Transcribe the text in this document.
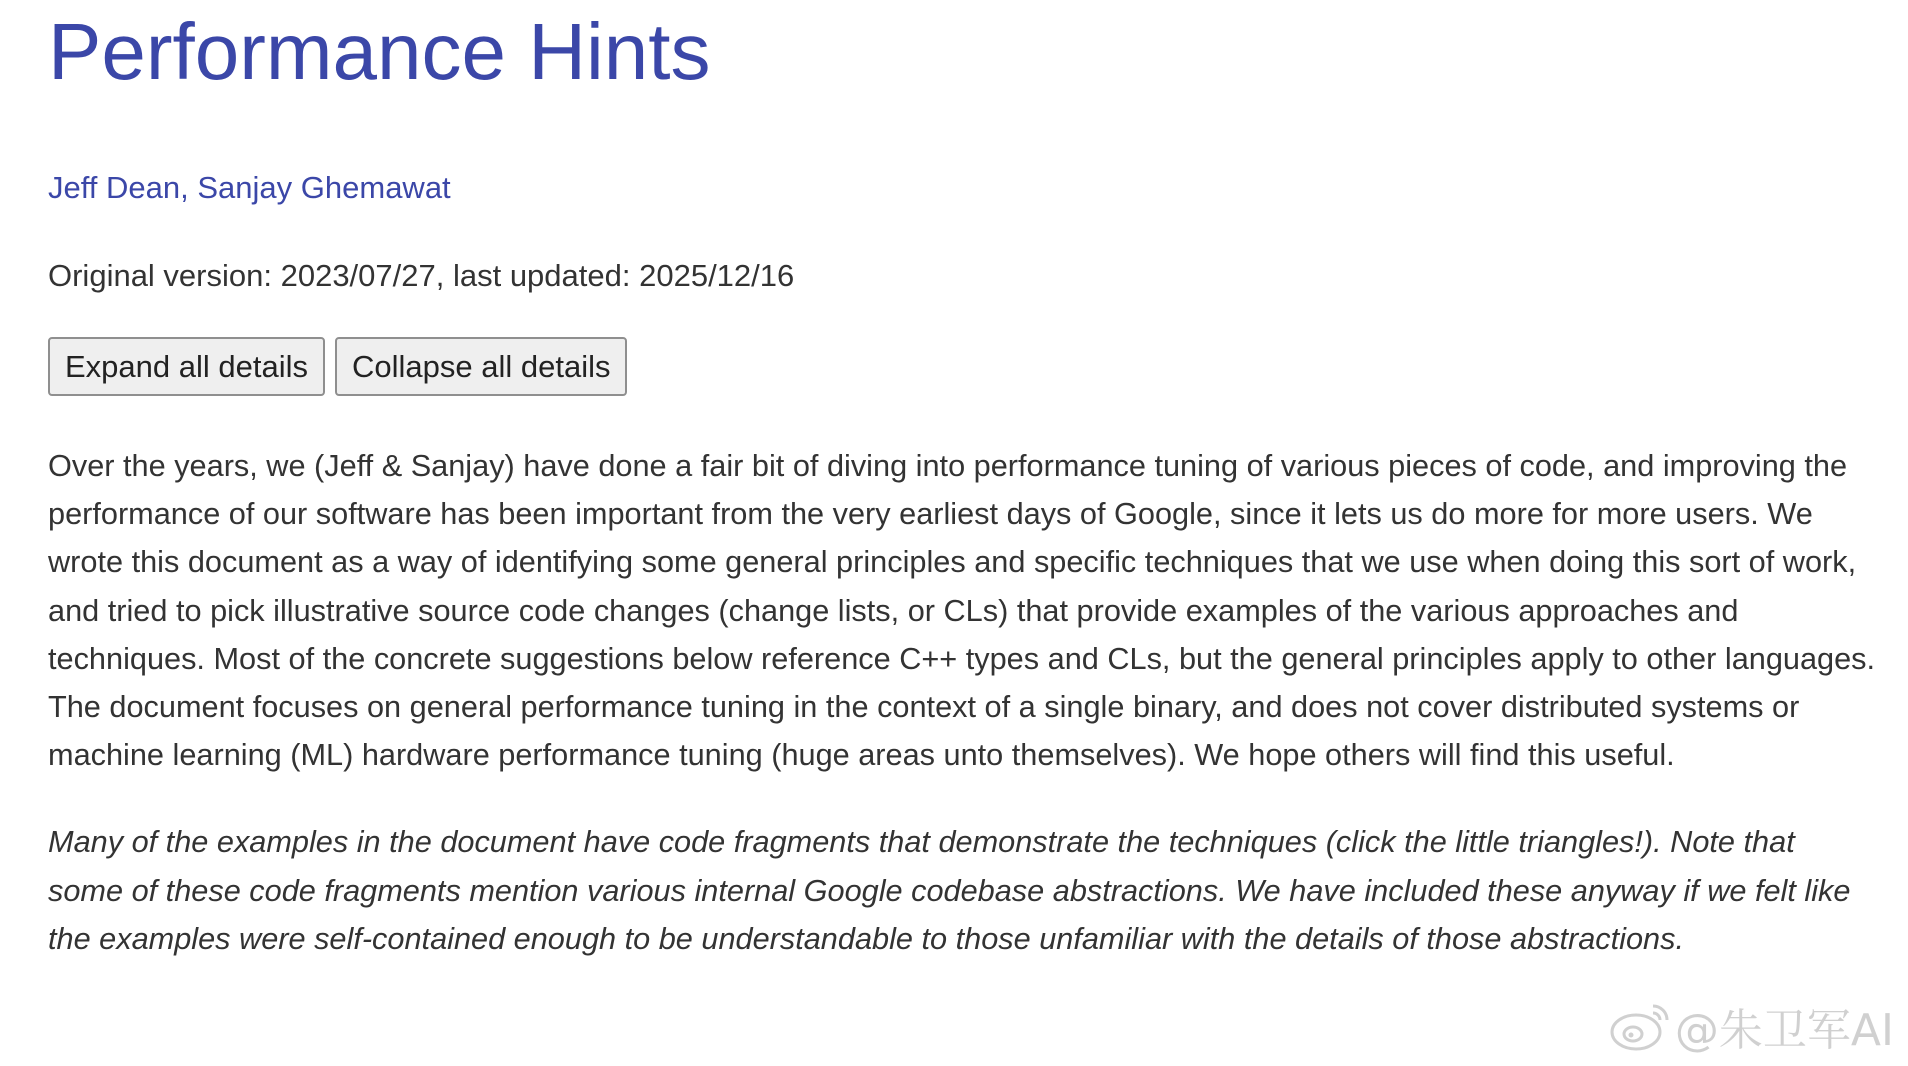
Performance Hints
Jeff Dean, Sanjay Ghemawat
Original version: 2023/07/27, last updated: 2025/12/16
Expand all details	Collapse all details

Over the years, we (Jeff & Sanjay) have done a fair bit of diving into performance tuning of various pieces of code, and improving the performance of our software has been important from the very earliest days of Google, since it lets us do more for more users. We wrote this document as a way of identifying some general principles and specific techniques that we use when doing this sort of work, and tried to pick illustrative source code changes (change lists, or CLs) that provide examples of the various approaches and techniques. Most of the concrete suggestions below reference C++ types and CLs, but the general principles apply to other languages. The document focuses on general performance tuning in the context of a single binary, and does not cover distributed systems or machine learning (ML) hardware performance tuning (huge areas unto themselves). We hope others will find this useful.

Many of the examples in the document have code fragments that demonstrate the techniques (click the little triangles!). Note that some of these code fragments mention various internal Google codebase abstractions. We have included these anyway if we felt like the examples were self-contained enough to be understandable to those unfamiliar with the details of those abstractions.

@朱卫军AI
